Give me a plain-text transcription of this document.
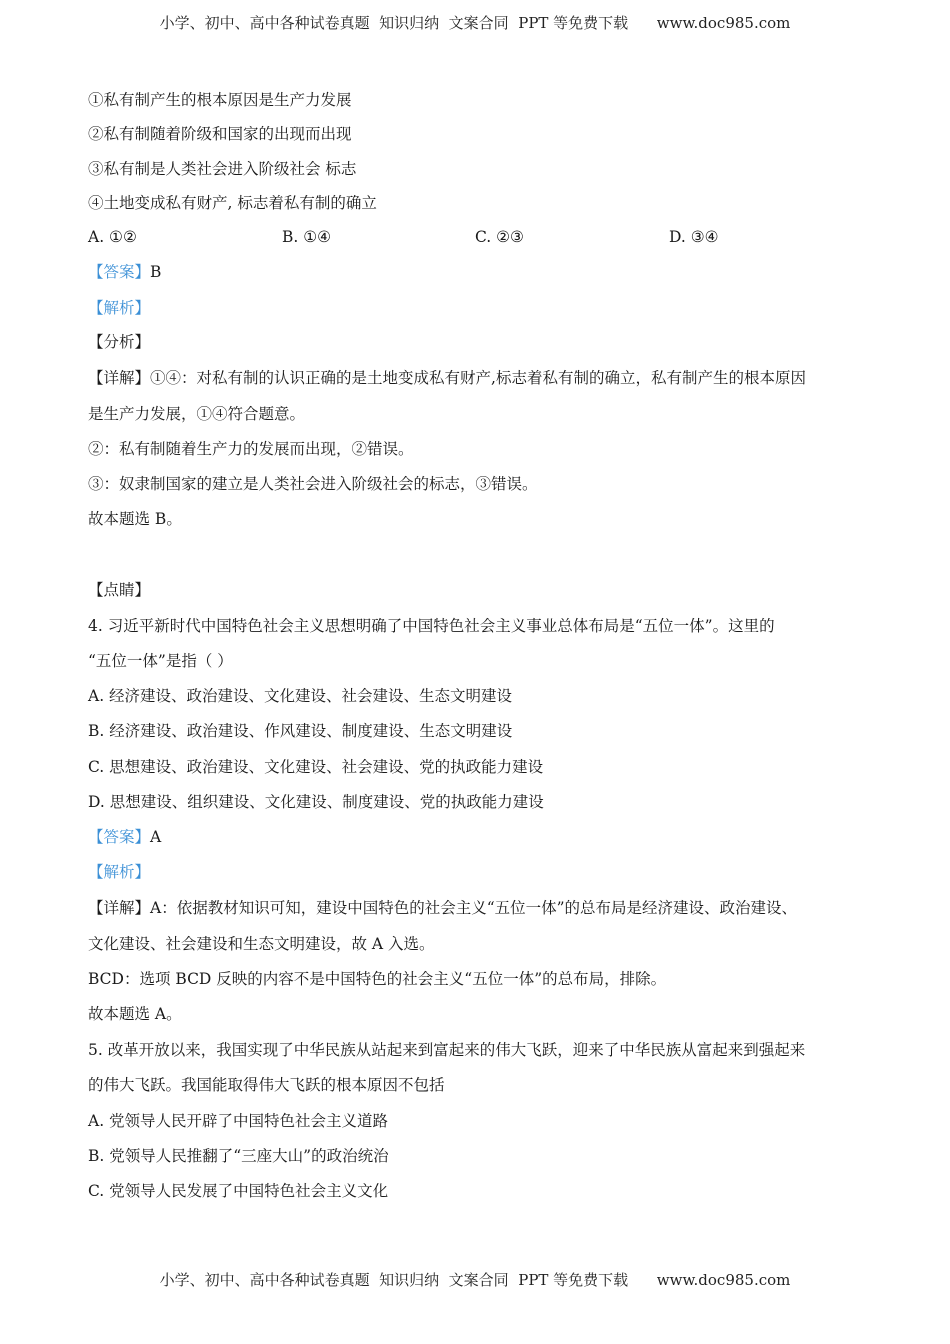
小学、初中、高中各种试卷真题  知识归纳  文案合同  PPT 等免费下载      www.doc985.com
①私有制产生的根本原因是生产力发展
②私有制随着阶级和国家的出现而出现
③私有制是人类社会进入阶级社会 标志
④土地变成私有财产, 标志着私有制的确立
A. ①②	B. ①④	C. ②③	D. ③④
【答案】B
【解析】
【分析】
【详解】①④：对私有制的认识正确的是土地变成私有财产,标志着私有制的确立，私有制产生的根本原因
是生产力发展，①④符合题意。
②：私有制随着生产力的发展而出现，②错误。
③：奴隶制国家的建立是人类社会进入阶级社会的标志，③错误。
故本题选 B。
【点睛】
4. 习近平新时代中国特色社会主义思想明确了中国特色社会主义事业总体布局是“五位一体”。这里的
“五位一体”是指（ ）
A. 经济建设、政治建设、文化建设、社会建设、生态文明建设
B. 经济建设、政治建设、作风建设、制度建设、生态文明建设
C. 思想建设、政治建设、文化建设、社会建设、党的执政能力建设
D. 思想建设、组织建设、文化建设、制度建设、党的执政能力建设
【答案】A
【解析】
【详解】A：依据教材知识可知，建设中国特色的社会主义“五位一体”的总布局是经济建设、政治建设、
文化建设、社会建设和生态文明建设，故 A 入选。
BCD：选项 BCD 反映的内容不是中国特色的社会主义“五位一体”的总布局，排除。
故本题选 A。
5. 改革开放以来，我国实现了中华民族从站起来到富起来的伟大飞跃，迎来了中华民族从富起来到强起来
的伟大飞跃。我国能取得伟大飞跃的根本原因不包括
A. 党领导人民开辟了中国特色社会主义道路
B. 党领导人民推翻了“三座大山”的政治统治
C. 党领导人民发展了中国特色社会主义文化
小学、初中、高中各种试卷真题  知识归纳  文案合同  PPT 等免费下载      www.doc985.com
